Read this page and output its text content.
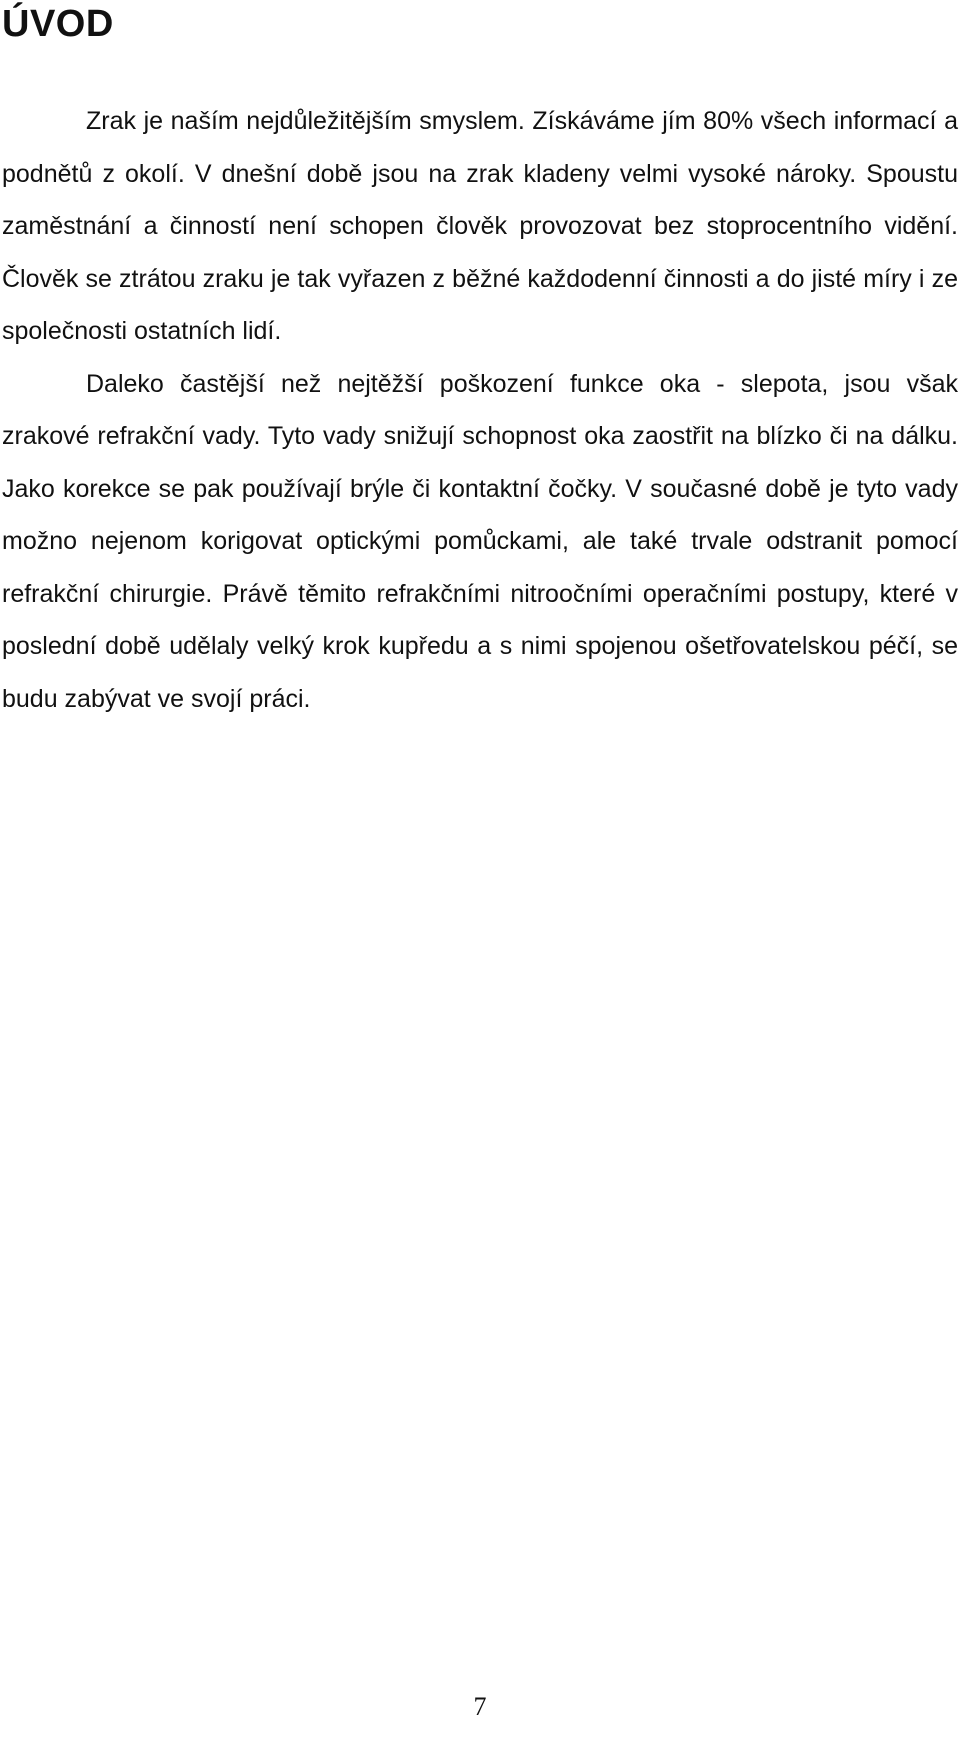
ÚVOD

Zrak je naším nejdůležitějším smyslem. Získáváme jím 80% všech informací a podnětů z okolí. V dnešní době jsou na zrak kladeny velmi vysoké nároky. Spoustu zaměstnání a činností není schopen člověk provozovat bez stoprocentního vidění. Člověk se ztrátou zraku je tak vyřazen z běžné každodenní činnosti a do jisté míry i ze společnosti ostatních lidí.

Daleko častější než nejtěžší poškození funkce oka - slepota, jsou však zrakové refrakční vady. Tyto vady snižují schopnost oka zaostřit na blízko či na dálku. Jako korekce se pak používají brýle či kontaktní čočky. V současné době je tyto vady možno nejenom korigovat optickými pomůckami, ale také trvale odstranit pomocí refrakční chirurgie. Právě těmito refrakčními nitroočními operačními postupy, které v poslední době udělaly velký krok kupředu a s nimi spojenou ošetřovatelskou péčí, se budu zabývat ve svojí práci.

7
